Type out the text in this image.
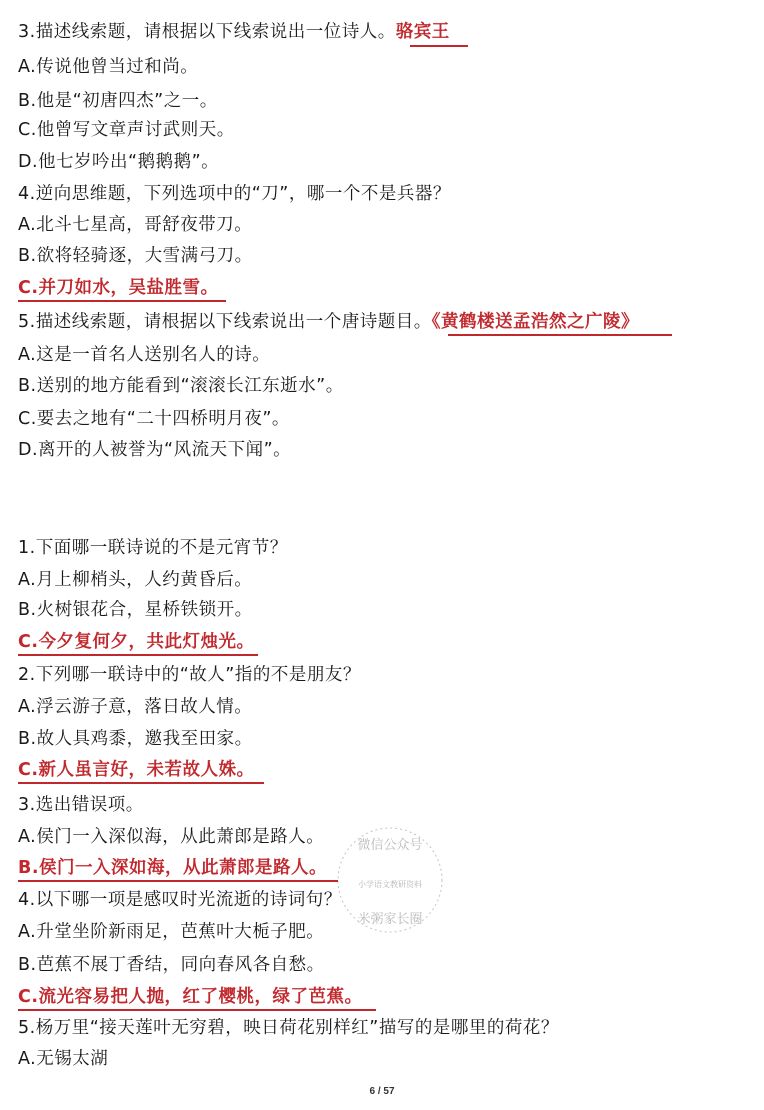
3.描述线索题，请根据以下线索说出一位诗人。骆宾王
A.传说他曾当过和尚。
B.他是“初唐四杰”之一。
C.他曾写文章声讨武则天。
D.他七岁吟出“鹅鹅鹅”。
4.逆向思维题，下列选项中的“刀”，哪一个不是兵器？
A.北斗七星高，哥舒夜带刀。
B.欲将轻骑逐，大雪满弓刀。
C.并刀如水，吴盐胜雪。
5.描述线索题，请根据以下线索说出一个唐诗题目。《黄鹤楼送孟浩然之广陵》
A.这是一首名人送别名人的诗。
B.送别的地方能看到“滚滚长江东逝水”。
C.要去之地有“二十四桥明月夜”。
D.离开的人被誉为“风流天下闻”。
1.下面哪一联诗说的不是元宵节？
A.月上柳梢头，人约黄昏后。
B.火树银花合，星桥铁锁开。
C.今夕复何夕，共此灯烛光。
2.下列哪一联诗中的“故人”指的不是朋友？
A.浮云游子意，落日故人情。
B.故人具鸡黍，邀我至田家。
C.新人虽言好，未若故人姝。
3.选出错误项。
A.侯门一入深似海，从此萧郎是路人。
B.侯门一入深如海，从此萧郎是路人。
4.以下哪一项是感叹时光流逝的诗词句？
A.升堂坐阶新雨足，芭蕉叶大栀子肥。
B.芭蕉不展丁香结，同向春风各自愁。
C.流光容易把人抛，红了樱桃，绿了芭蕉。
5.杨万里“接天莲叶无穷碧，映日荷花别样红”描写的是哪里的荷花？
A.无锡太湖
微信公众号
小学语文教研资料
米粥家长圈
6 / 57
